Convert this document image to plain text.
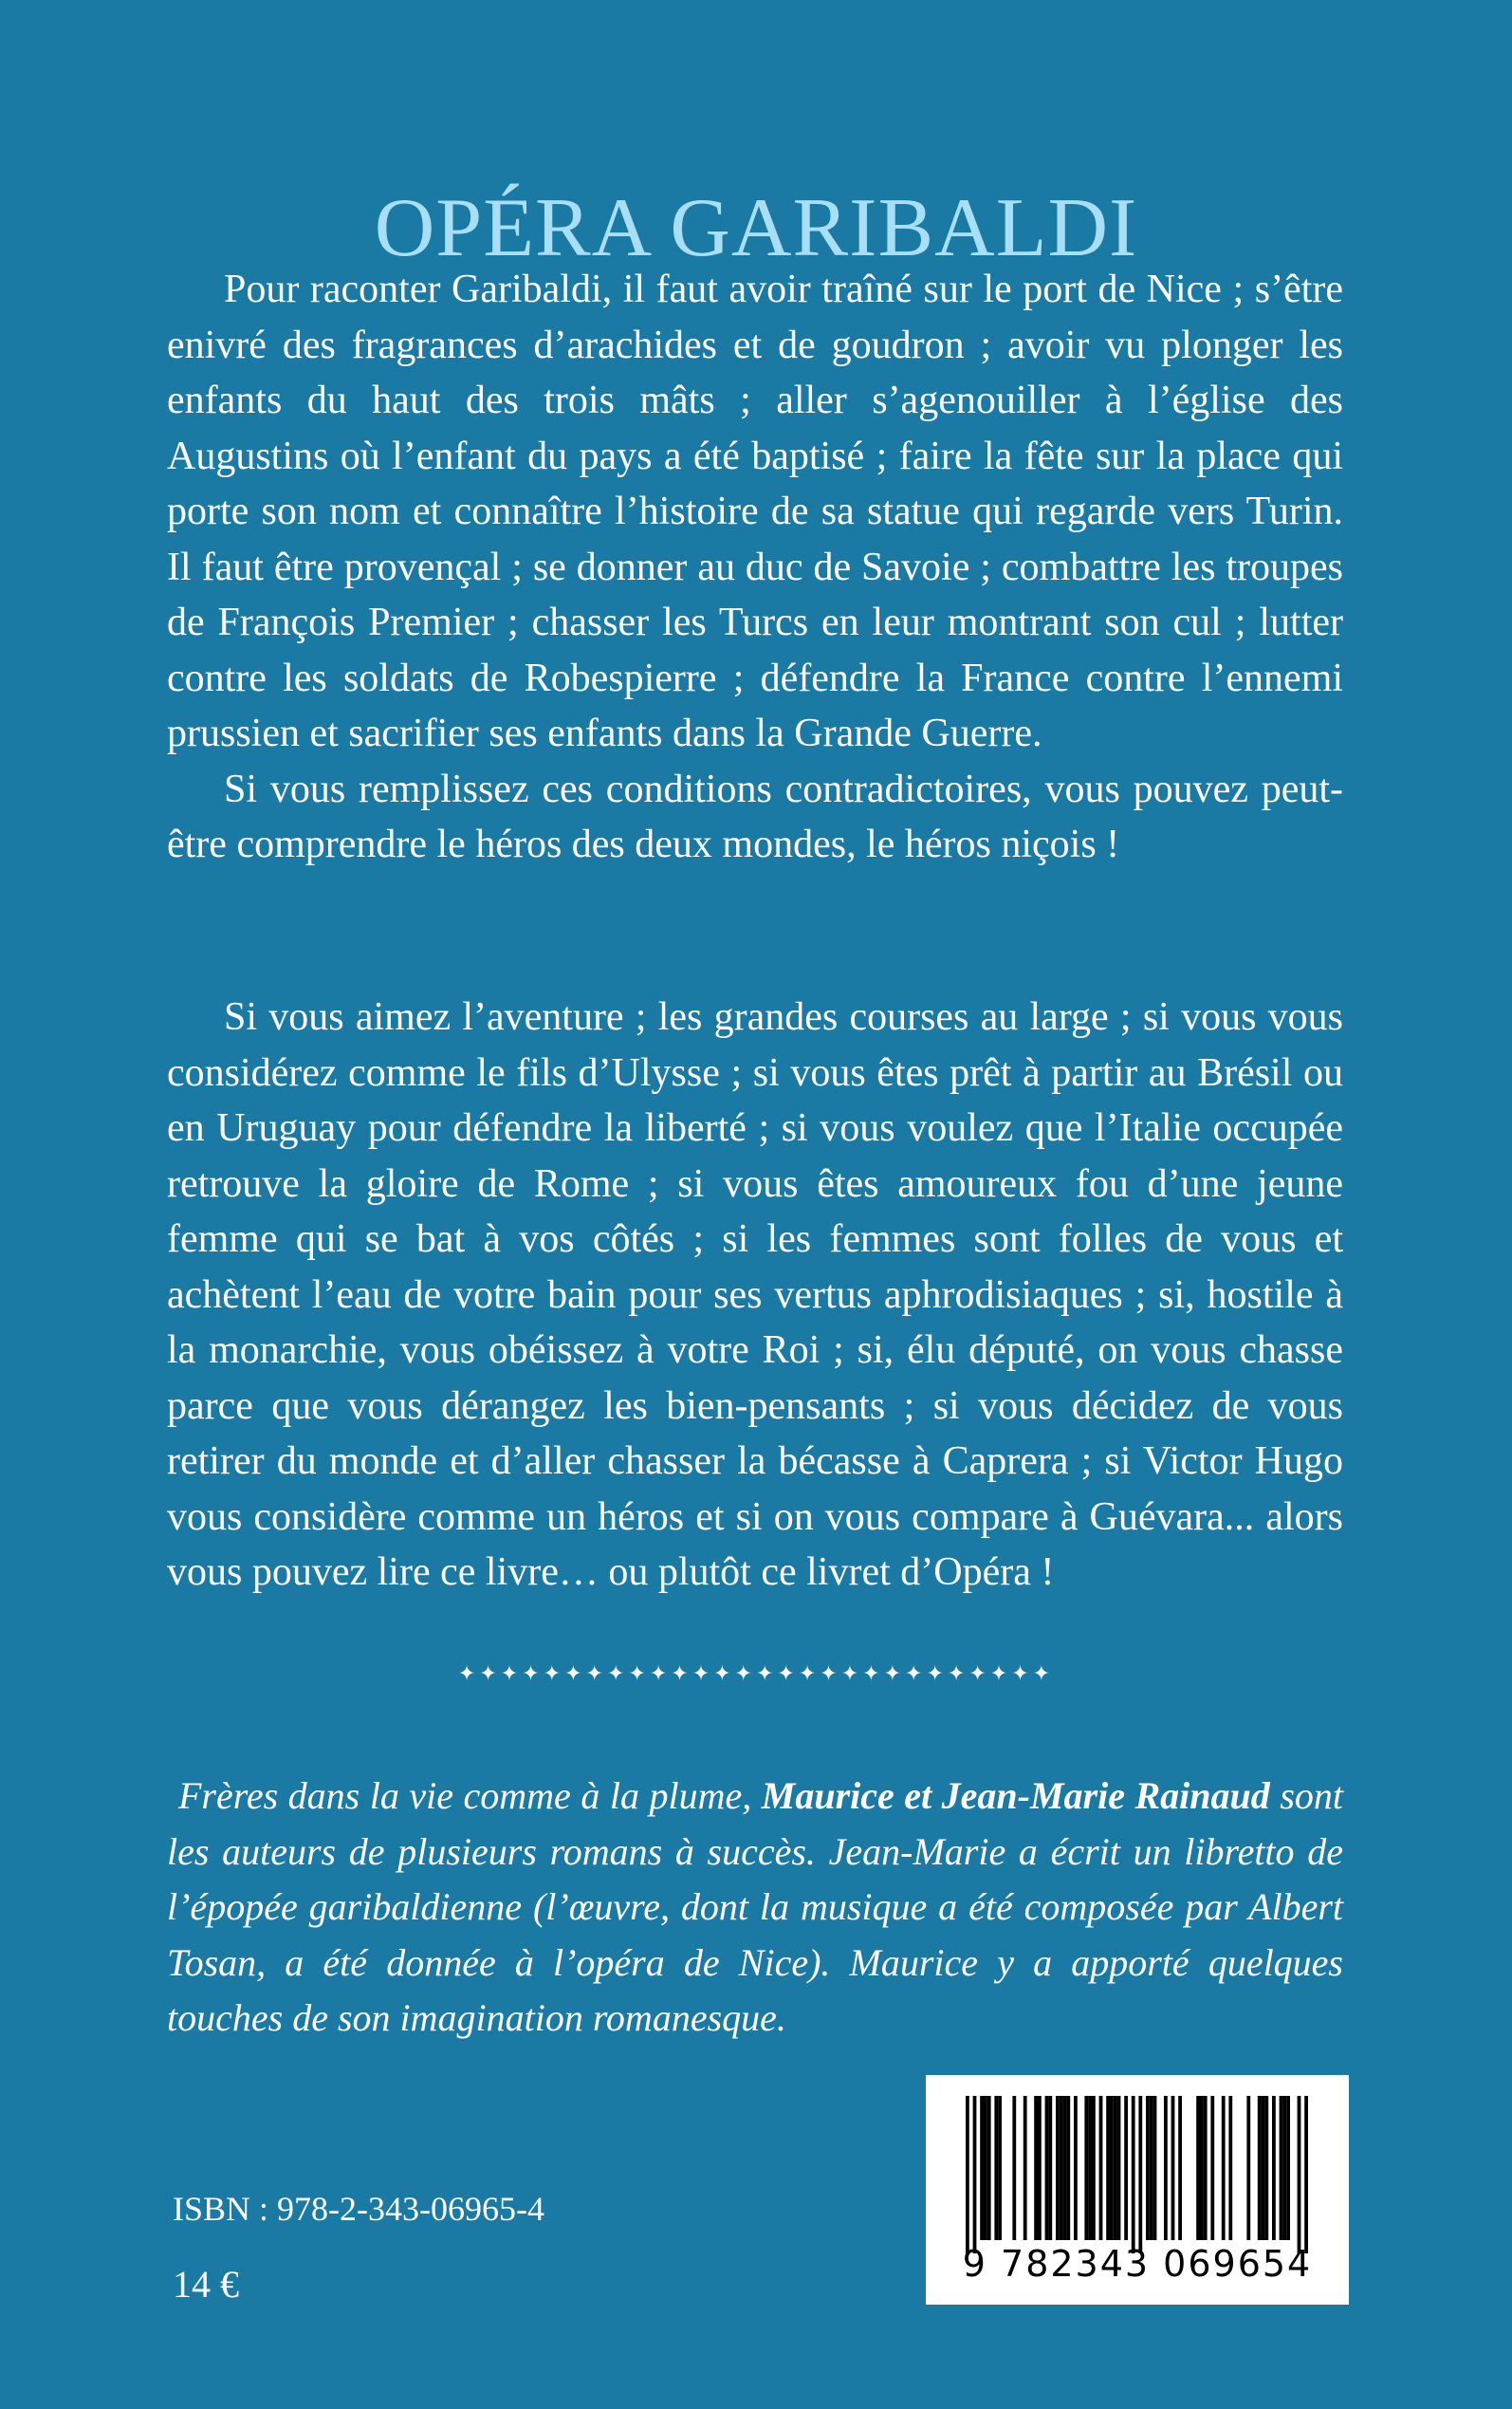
OPÉRA GARIBALDI

Pour raconter Garibaldi, il faut avoir traîné sur le port de Nice ; s’être enivré des fragrances d’arachides et de goudron ; avoir vu plonger les enfants du haut des trois mâts ; aller s’agenouiller à l’église des Augustins où l’enfant du pays a été baptisé ; faire la fête sur la place qui porte son nom et connaître l’histoire de sa statue qui regarde vers Turin. Il faut être provençal ; se donner au duc de Savoie ; combattre les troupes de François Premier ; chasser les Turcs en leur montrant son cul ; lutter contre les soldats de Robespierre ; défendre la France contre l’ennemi prussien et sacrifier ses enfants dans la Grande Guerre.

Si vous remplissez ces conditions contradictoires, vous pouvez peut-être comprendre le héros des deux mondes, le héros niçois !

Si vous aimez l’aventure ; les grandes courses au large ; si vous vous considérez comme le fils d’Ulysse ; si vous êtes prêt à partir au Brésil ou en Uruguay pour défendre la liberté ; si vous voulez que l’Italie occupée retrouve la gloire de Rome ; si vous êtes amoureux fou d’une jeune femme qui se bat à vos côtés ; si les femmes sont folles de vous et achètent l’eau de votre bain pour ses vertus aphrodisiaques ; si, hostile à la monarchie, vous obéissez à votre Roi ; si, élu député, on vous chasse parce que vous dérangez les bien-pensants ; si vous décidez de vous retirer du monde et d’aller chasser la bécasse à Caprera ; si Victor Hugo vous considère comme un héros et si on vous compare à Guévara... alors vous pouvez lire ce livre… ou plutôt ce livret d’Opéra !

✦✦✦✦✦✦✦✦✦✦✦✦✦✦✦✦✦✦✦✦✦✦✦✦✦✦✦✦
Frères dans la vie comme à la plume, Maurice et Jean-Marie Rainaud sont les auteurs de plusieurs romans à succès. Jean-Marie a écrit un libretto de l’épopée garibaldienne (l’œuvre, dont la musique a été composée par Albert Tosan, a été donnée à l’opéra de Nice). Maurice y a apporté quelques touches de son imagination romanesque.
ISBN : 978-2-343-06965-4
14 €	9 782343 069654
